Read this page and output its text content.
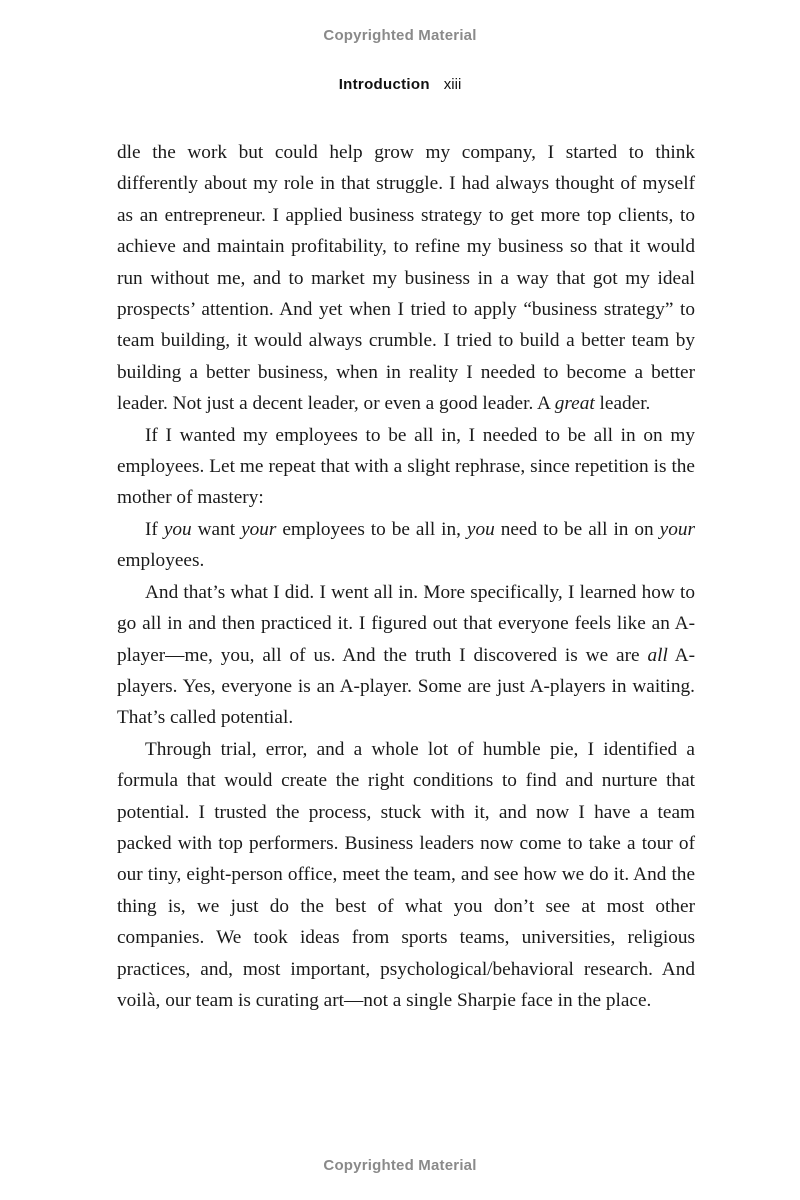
Copyrighted Material
Introduction xiii

dle the work but could help grow my company, I started to think differently about my role in that struggle. I had always thought of myself as an entrepreneur. I applied business strategy to get more top clients, to achieve and maintain profitability, to refine my business so that it would run without me, and to market my business in a way that got my ideal prospects’ attention. And yet when I tried to apply “business strategy” to team building, it would always crumble. I tried to build a better team by building a better business, when in reality I needed to become a better leader. Not just a decent leader, or even a good leader. A great leader.

If I wanted my employees to be all in, I needed to be all in on my employees. Let me repeat that with a slight rephrase, since repetition is the mother of mastery:

If you want your employees to be all in, you need to be all in on your employees.

And that’s what I did. I went all in. More specifically, I learned how to go all in and then practiced it. I figured out that everyone feels like an A-player—me, you, all of us. And the truth I discovered is we are all A-players. Yes, everyone is an A-player. Some are just A-players in waiting. That’s called potential.

Through trial, error, and a whole lot of humble pie, I identified a formula that would create the right conditions to find and nurture that potential. I trusted the process, stuck with it, and now I have a team packed with top performers. Business leaders now come to take a tour of our tiny, eight-person office, meet the team, and see how we do it. And the thing is, we just do the best of what you don’t see at most other companies. We took ideas from sports teams, universities, religious practices, and, most important, psychological/behavioral research. And voilà, our team is curating art—not a single Sharpie face in the place.

Copyrighted Material
